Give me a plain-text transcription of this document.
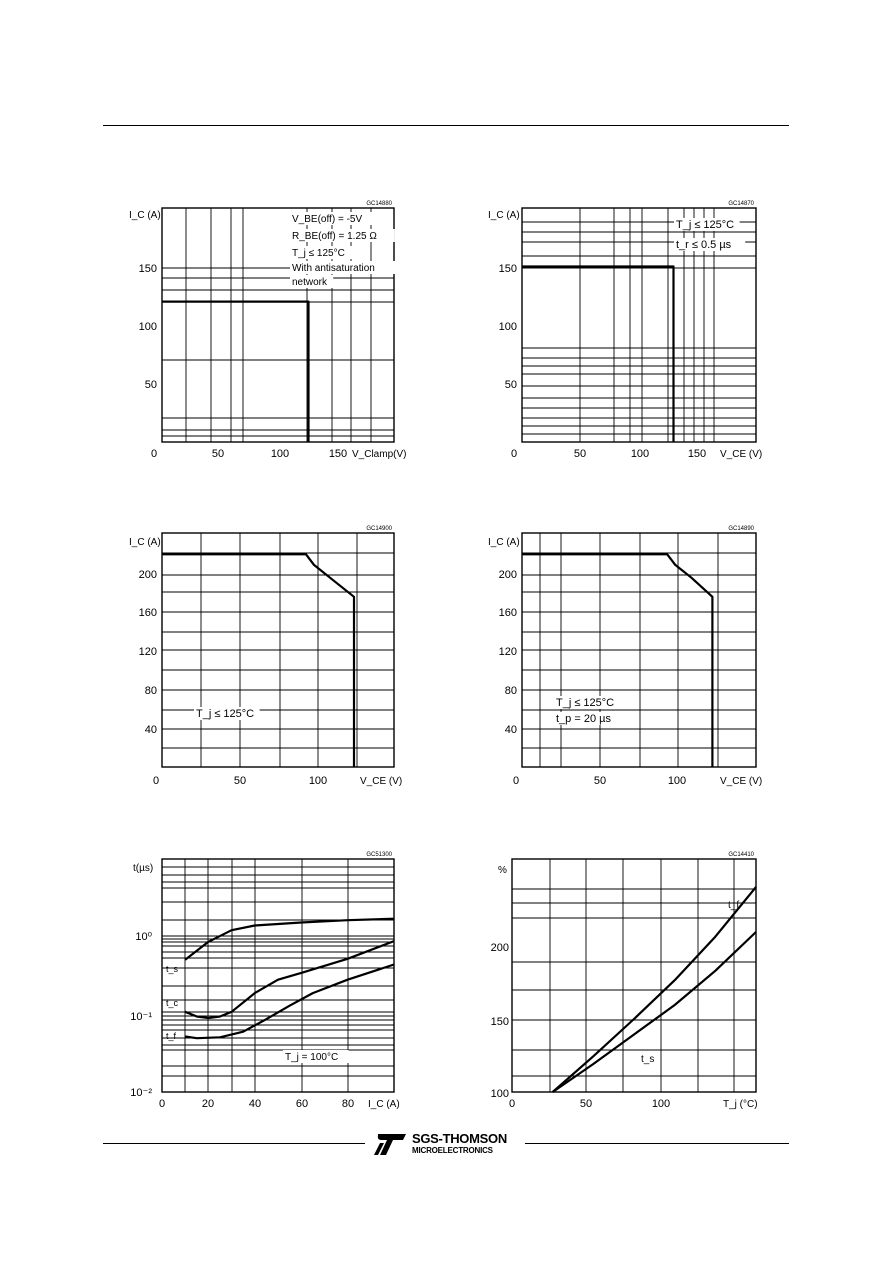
SGS-THOMSON
MICROELECTRONICS
GC14880
I_C (A)
150
100
50
0	50	100	150 V_Clamp(V)
V_BE(off) = -5V
R_BE(off) = 1.25 Ω
T_j ≤ 125°C
With antisaturation
network
GC14870
I_C (A)
150
100
50
0	50	100	150 V_CE (V)
T_j ≤ 125°C
t_r ≤ 0.5 µs
GC14900
I_C (A)
200
160
120
80
40
0	50	100	V_CE (V)
T_j ≤ 125°C
GC14890
I_C (A)
200
160
120
80
40
0	50	100	V_CE (V)
T_j ≤ 125°C
t_p = 20 µs
GC51300
t(µs)
10⁰
10⁻¹
10⁻²
0	20	40	60	80 I_C (A)
T_j = 100°C
t_s
t_c
t_f
GC14410
%
200
150
100
0	50	100	T_j (°C)
t_f
t_s
